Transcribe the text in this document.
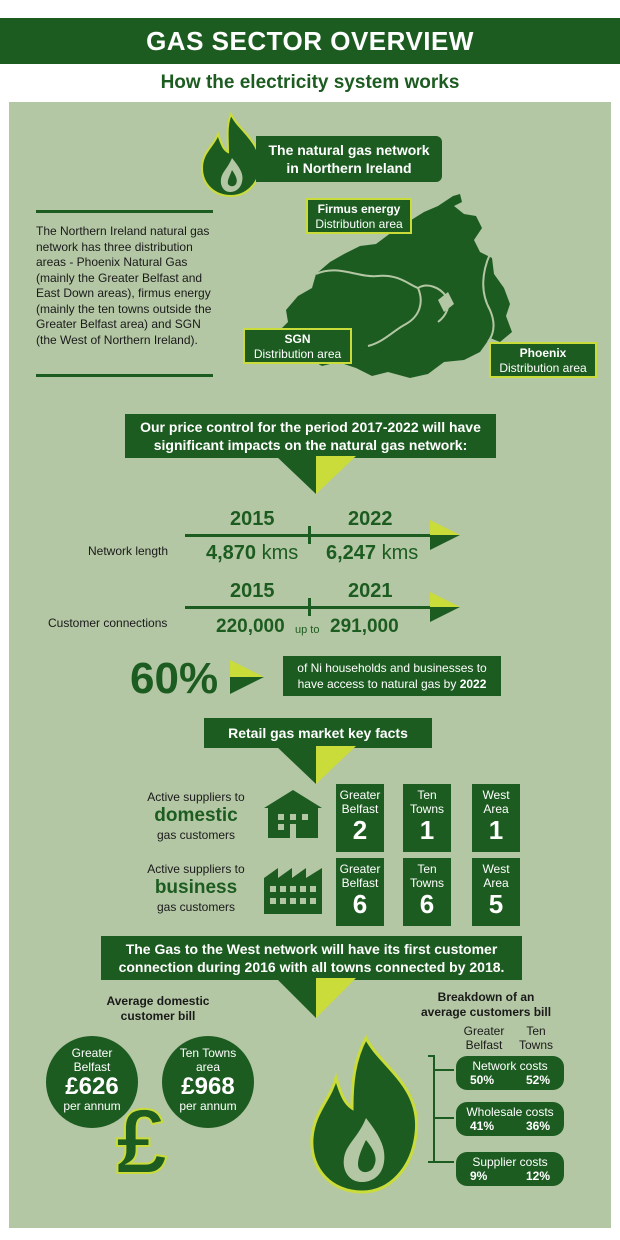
GAS SECTOR OVERVIEW
How the electricity system works
The natural gas network
in Northern Ireland
The Northern Ireland natural gas network has three distribution areas - Phoenix Natural Gas (mainly the Greater Belfast and East Down areas), firmus energy (mainly the ten towns outside the Greater Belfast area) and SGN (the West of Northern Ireland).
Firmus energy
Distribution area
SGN
Distribution area	Phoenix
Distribution area
Our price control for the period 2017-2022 will have
significant impacts on the natural gas network:
2015	2022
Network length 4,870 kms 6,247 kms
2015	2021
Customer connections	220,000 up to 291,000
60%	of Ni households and businesses to have access to natural gas by 2022
Retail gas market key facts
Active suppliers to
domestic
gas customers
Greater
Belfast
2
Ten
Towns
1
West
Area
1
Active suppliers to
business
gas customers
Greater
Belfast
6
Ten
Towns
6
West
Area
5
The Gas to the West network will have its first customer
connection during 2016 with all towns connected by 2018.
Average domestic
customer bill
Greater
Belfast
£626
per annum
Ten Towns
area
£968
per annum
£
Breakdown of an
average customers bill
Greater
Belfast
Ten
Towns
Network costs
50%	52%
Wholesale costs
41%	36%
Supplier costs
9%	12%
